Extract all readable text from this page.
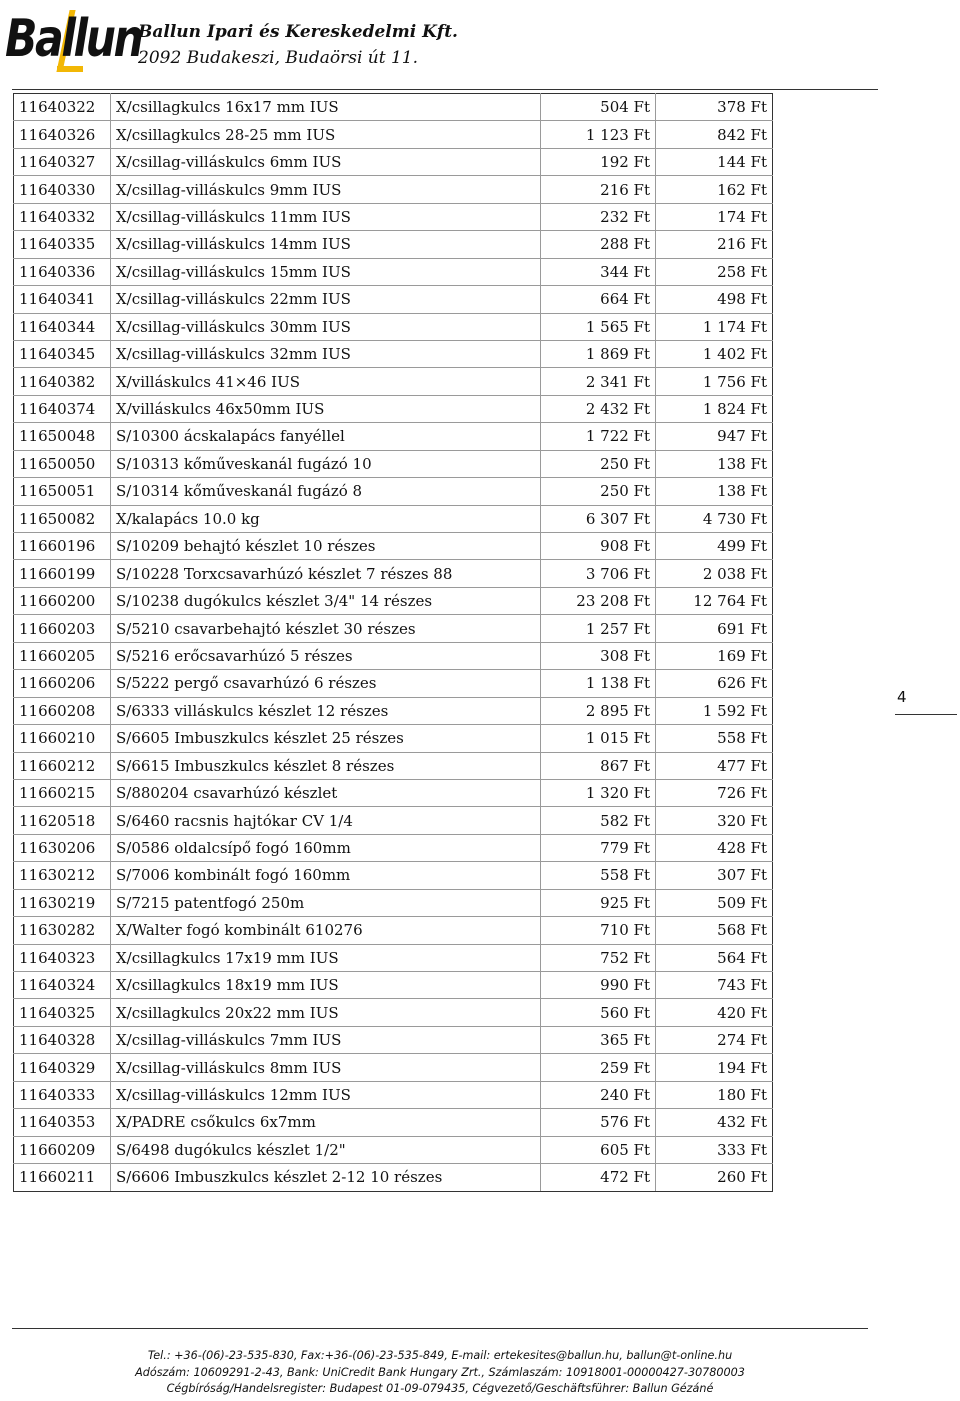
Ballun
Ballun Ipari és Kereskedelmi Kft.
2092 Budakeszi, Budaörsi út 11.
11640322	X/csillagkulcs 16x17 mm IUS	504 Ft	378 Ft
11640326	X/csillagkulcs 28-25 mm IUS	1 123 Ft	842 Ft
11640327	X/csillag-villáskulcs 6mm IUS	192 Ft	144 Ft
11640330	X/csillag-villáskulcs 9mm IUS	216 Ft	162 Ft
11640332	X/csillag-villáskulcs 11mm IUS	232 Ft	174 Ft
11640335	X/csillag-villáskulcs 14mm IUS	288 Ft	216 Ft
11640336	X/csillag-villáskulcs 15mm IUS	344 Ft	258 Ft
11640341	X/csillag-villáskulcs 22mm IUS	664 Ft	498 Ft
11640344	X/csillag-villáskulcs 30mm IUS	1 565 Ft	1 174 Ft
11640345	X/csillag-villáskulcs 32mm IUS	1 869 Ft	1 402 Ft
11640382	X/villáskulcs 41×46 IUS	2 341 Ft	1 756 Ft
11640374	X/villáskulcs 46x50mm IUS	2 432 Ft	1 824 Ft
11650048	S/10300 ácskalapács fanyéllel	1 722 Ft	947 Ft
11650050	S/10313 kőműveskanál fugázó 10	250 Ft	138 Ft
11650051	S/10314 kőműveskanál fugázó 8	250 Ft	138 Ft
11650082	X/kalapács 10.0 kg	6 307 Ft	4 730 Ft
11660196	S/10209 behajtó készlet 10 részes	908 Ft	499 Ft
11660199	S/10228 Torxcsavarhúzó készlet 7 részes 88	3 706 Ft	2 038 Ft
11660200	S/10238 dugókulcs készlet 3/4" 14 részes	23 208 Ft	12 764 Ft
11660203	S/5210 csavarbehajtó készlet 30 részes	1 257 Ft	691 Ft
11660205	S/5216 erőcsavarhúzó 5 részes	308 Ft	169 Ft
11660206	S/5222 pergő csavarhúzó 6 részes	1 138 Ft	626 Ft
11660208	S/6333 villáskulcs készlet 12 részes	2 895 Ft	1 592 Ft
11660210	S/6605 Imbuszkulcs készlet 25 részes	1 015 Ft	558 Ft
11660212	S/6615 Imbuszkulcs készlet 8 részes	867 Ft	477 Ft
11660215	S/880204 csavarhúzó készlet	1 320 Ft	726 Ft
11620518	S/6460 racsnis hajtókar CV 1/4	582 Ft	320 Ft
11630206	S/0586 oldalcsípő fogó 160mm	779 Ft	428 Ft
11630212	S/7006 kombinált fogó 160mm	558 Ft	307 Ft
11630219	S/7215 patentfogó 250m	925 Ft	509 Ft
11630282	X/Walter fogó kombinált 610276	710 Ft	568 Ft
11640323	X/csillagkulcs 17x19 mm IUS	752 Ft	564 Ft
11640324	X/csillagkulcs 18x19 mm IUS	990 Ft	743 Ft
11640325	X/csillagkulcs 20x22 mm IUS	560 Ft	420 Ft
11640328	X/csillag-villáskulcs 7mm IUS	365 Ft	274 Ft
11640329	X/csillag-villáskulcs 8mm IUS	259 Ft	194 Ft
11640333	X/csillag-villáskulcs 12mm IUS	240 Ft	180 Ft
11640353	X/PADRE csőkulcs 6x7mm	576 Ft	432 Ft
11660209	S/6498 dugókulcs készlet 1/2"	605 Ft	333 Ft
11660211	S/6606 Imbuszkulcs készlet 2-12 10 részes	472 Ft	260 Ft
4
Tel.: +36-(06)-23-535-830, Fax:+36-(06)-23-535-849, E-mail: ertekesites@ballun.hu, ballun@t-online.hu
Adószám: 10609291-2-43, Bank: UniCredit Bank Hungary Zrt., Számlaszám: 10918001-00000427-30780003
Cégbíróság/Handelsregister: Budapest 01-09-079435, Cégvezető/Geschäftsführer: Ballun Gézáné
